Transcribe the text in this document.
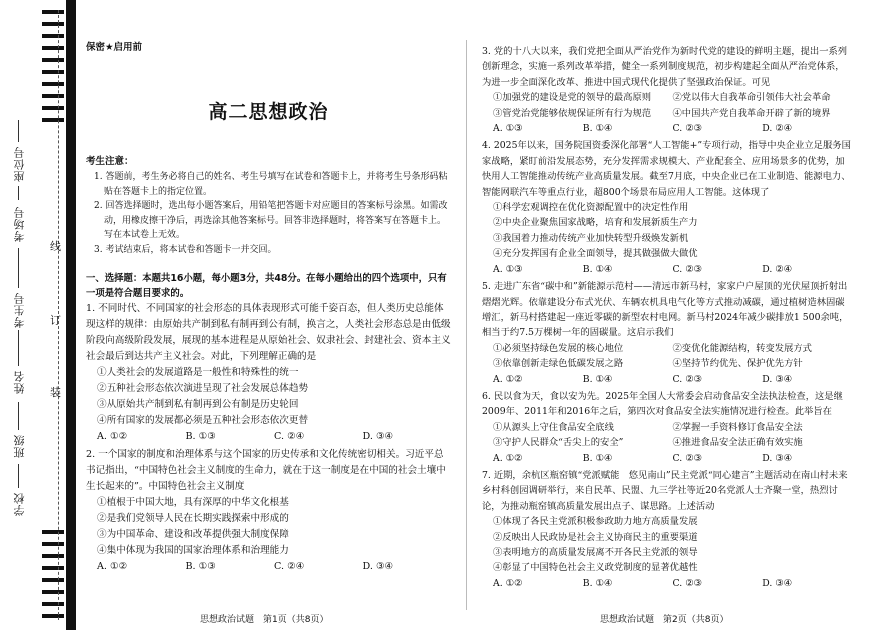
座位号
考场号
考生号
姓名
班级
学校
线
订
装
保密★启用前
高二思想政治
考生注意：

1. 答题前，考生务必将自己的姓名、考生号填写在试卷和答题卡上，并将考生号条形码粘贴在答题卡上的指定位置。

2. 回答选择题时，选出每小题答案后，用铅笔把答题卡对应题目的答案标号涂黑。如需改动，用橡皮擦干净后，再选涂其他答案标号。回答非选择题时，将答案写在答题卡上。写在本试卷上无效。

3. 考试结束后，将本试卷和答题卡一并交回。

一、选择题：本题共16小题，每小题3分，共48分。在每小题给出的四个选项中，只有一项是符合题目要求的。

1. 不同时代、不同国家的社会形态的具体表现形式可能千姿百态，但人类历史总能体现这样的规律：由原始共产制到私有制再到公有制，换言之，人类社会形态总是由低级阶段向高级阶段发展，展现的基本进程是从原始社会、奴隶社会、封建社会、资本主义社会最后到达共产主义社会。对此，下列理解正确的是

①人类社会的发展道路是一般性和特殊性的统一

②五种社会形态依次演进呈现了社会发展总体趋势

③从原始共产制到私有制再到公有制是历史轮回

④所有国家的发展都必须是五种社会形态依次更替

A. ①②	B. ①③	C. ②④	D. ③④

2. 一个国家的制度和治理体系与这个国家的历史传承和文化传统密切相关。习近平总书记指出，“中国特色社会主义制度的生命力，就在于这一制度是在中国的社会土壤中生长起来的”。中国特色社会主义制度

①植根于中国大地，具有深厚的中华文化根基

②是我们党领导人民在长期实践探索中形成的

③为中国革命、建设和改革提供强大制度保障

④集中体现为我国的国家治理体系和治理能力

A. ①②	B. ①③	C. ②④	D. ③④
思想政治试题　第1页（共8页）

3. 党的十八大以来，我们党把全面从严治党作为新时代党的建设的鲜明主题，提出一系列创新理念，实施一系列改革举措，健全一系列制度规范，初步构建起全面从严治党体系，为进一步全面深化改革、推进中国式现代化提供了坚强政治保证。可见

①加强党的建设是党的领导的最高原则	②党以伟大自我革命引领伟大社会革命
③管党治党能够依规保证所有行为规范	④中国共产党自我革命开辟了新的境界
A. ①③	B. ①④	C. ②③	D. ②④

4. 2025年以来，国务院国资委深化部署“人工智能+”专项行动，指导中央企业立足服务国家战略，紧盯前沿发展态势，充分发挥需求规模大、产业配套全、应用场景多的优势，加快用人工智能推动传统产业高质量发展。截至7月底，中央企业已在工业制造、能源电力、智能网联汽车等重点行业，超800个场景布局应用人工智能。这体现了

①科学宏观调控在优化资源配置中的决定性作用

②中央企业聚焦国家战略，培育和发展新质生产力

③我国着力推动传统产业加快转型升级焕发新机

④充分发挥国有企业全面领导，提其做强做大做优

A. ①③	B. ①④	C. ②③	D. ②④

5. 走进广东省“碳中和”新能源示范村——清远市新马村，家家户户屋顶的光伏屋顶折射出熠熠光辉。依靠建设分布式光伏、车辆农机具电气化等方式推动减碳，通过植树造林固碳增汇，新马村搭建起一座近零碳的新型农村电网。新马村2024年减少碳排放1 500余吨，相当于约7.5万棵树一年的固碳量。这启示我们

①必须坚持绿色发展的核心地位	②变优化能源结构，转变发展方式
③依靠创新走绿色低碳发展之路	④坚持节约优先、保护优先方针
A. ①②	B. ①④	C. ②③	D. ③④

6. 民以食为天，食以安为先。2025年全国人大常委会启动食品安全法执法检查，这是继2009年、2011年和2016年之后，第四次对食品安全法实施情况进行检查。此举旨在

①从源头上守住食品安全底线	②掌握一手资料修订食品安全法
③守护人民群众“舌尖上的安全”	④推进食品安全法正确有效实施
A. ①②	B. ①④	C. ②③	D. ③④

7. 近期，余杭区瓶窑镇“党派赋能　悠见南山”民主党派“同心建言”主题活动在南山村未来乡村科创园调研举行，来自民革、民盟、九三学社等近20名党派人士齐聚一堂，热烈讨论，为推动瓶窑镇高质量发展出点子、谋思路。上述活动

①体现了各民主党派积极参政助力地方高质量发展

②反映出人民政协是社会主义协商民主的重要渠道

③表明地方的高质量发展离不开各民主党派的领导

④彰显了中国特色社会主义政党制度的显著优越性

A. ①②	B. ①④	C. ②③	D. ③④
思想政治试题　第2页（共8页）
